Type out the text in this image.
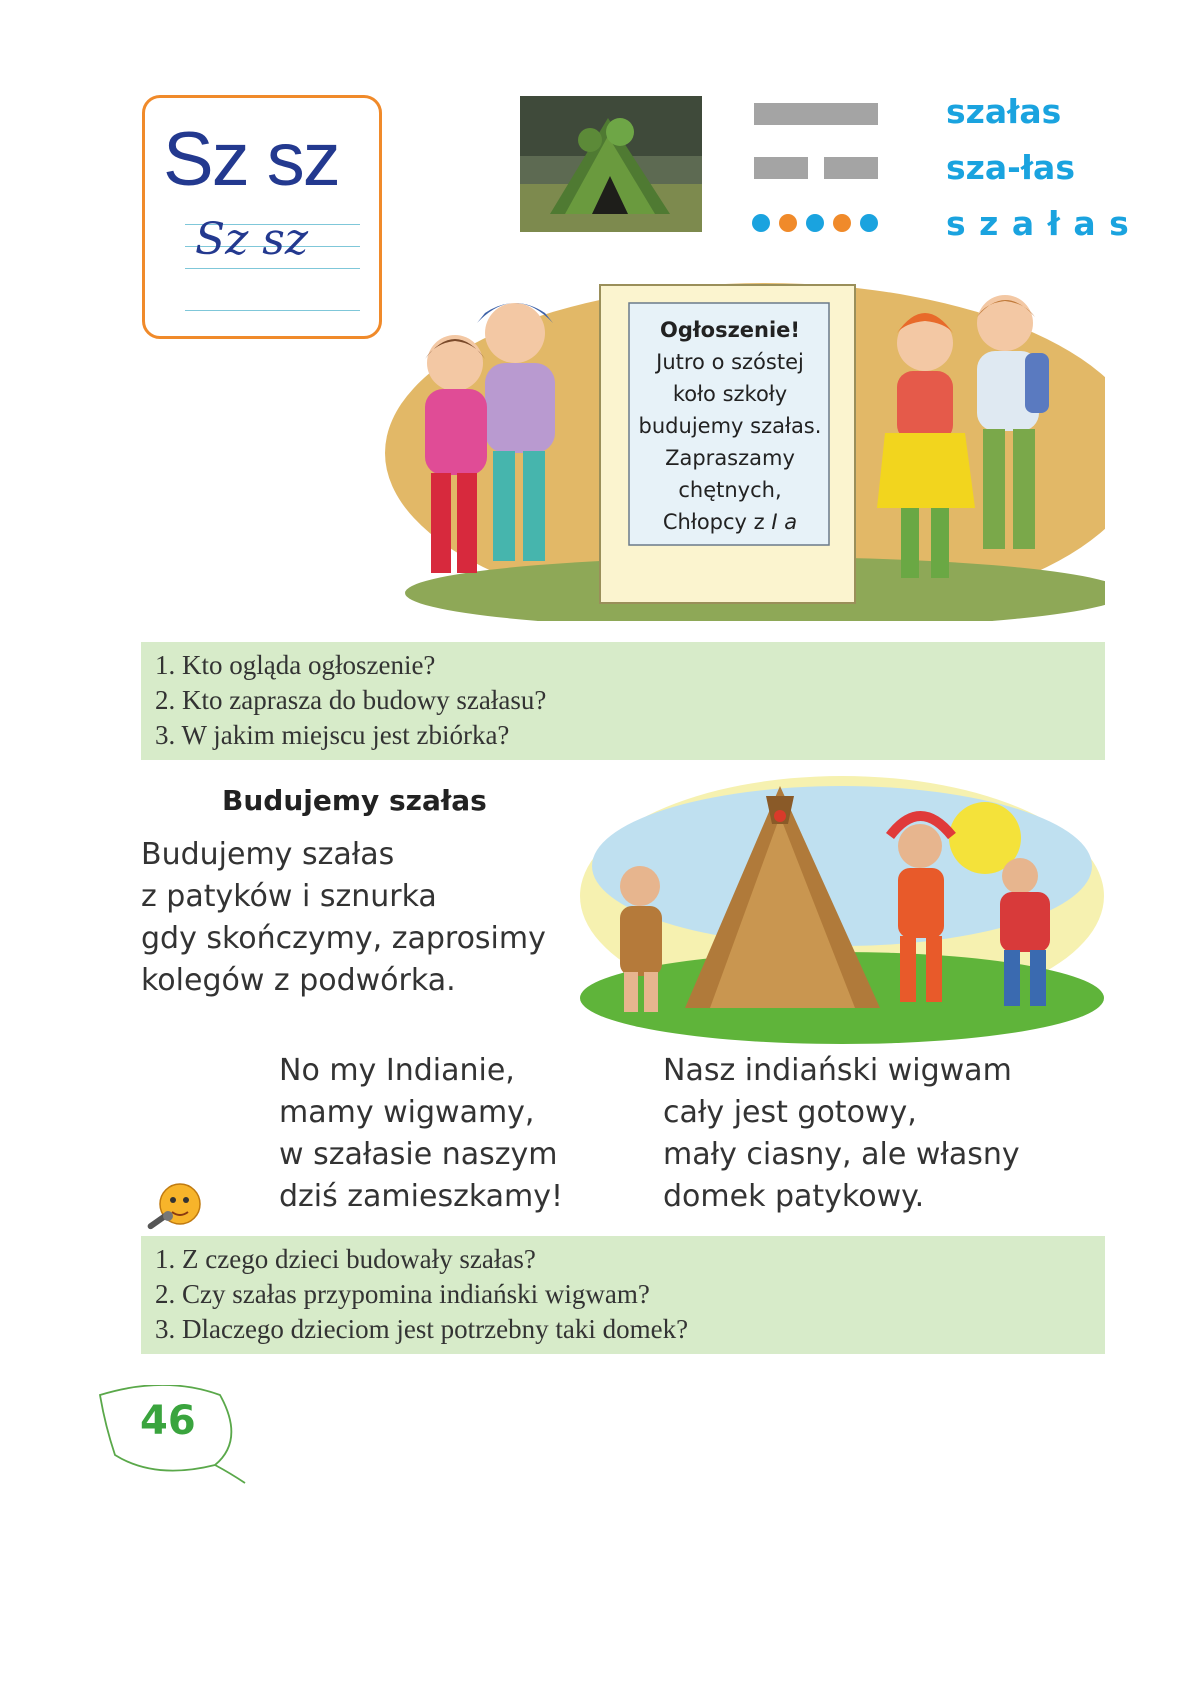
Sz sz
Sz sz
szałas
sza-łas
s z a ł a s
Ogłoszenie!
Jutro o szóstej
koło szkoły
budujemy szałas.
Zapraszamy
chętnych,
Chłopcy z I a
1. Kto ogląda ogłoszenie?
2. Kto zaprasza do budowy szałasu?
3. W jakim miejscu jest zbiórka?
Budujemy szałas
Budujemy szałas
z patyków i sznurka
gdy skończymy, zaprosimy
kolegów z podwórka.
No my Indianie,
mamy wigwamy,
w szałasie naszym
dziś zamieszkamy!
Nasz indiański wigwam
cały jest gotowy,
mały ciasny, ale własny
domek patykowy.
1. Z czego dzieci budowały szałas?
2. Czy szałas przypomina indiański wigwam?
3. Dlaczego dzieciom jest potrzebny taki domek?
46
